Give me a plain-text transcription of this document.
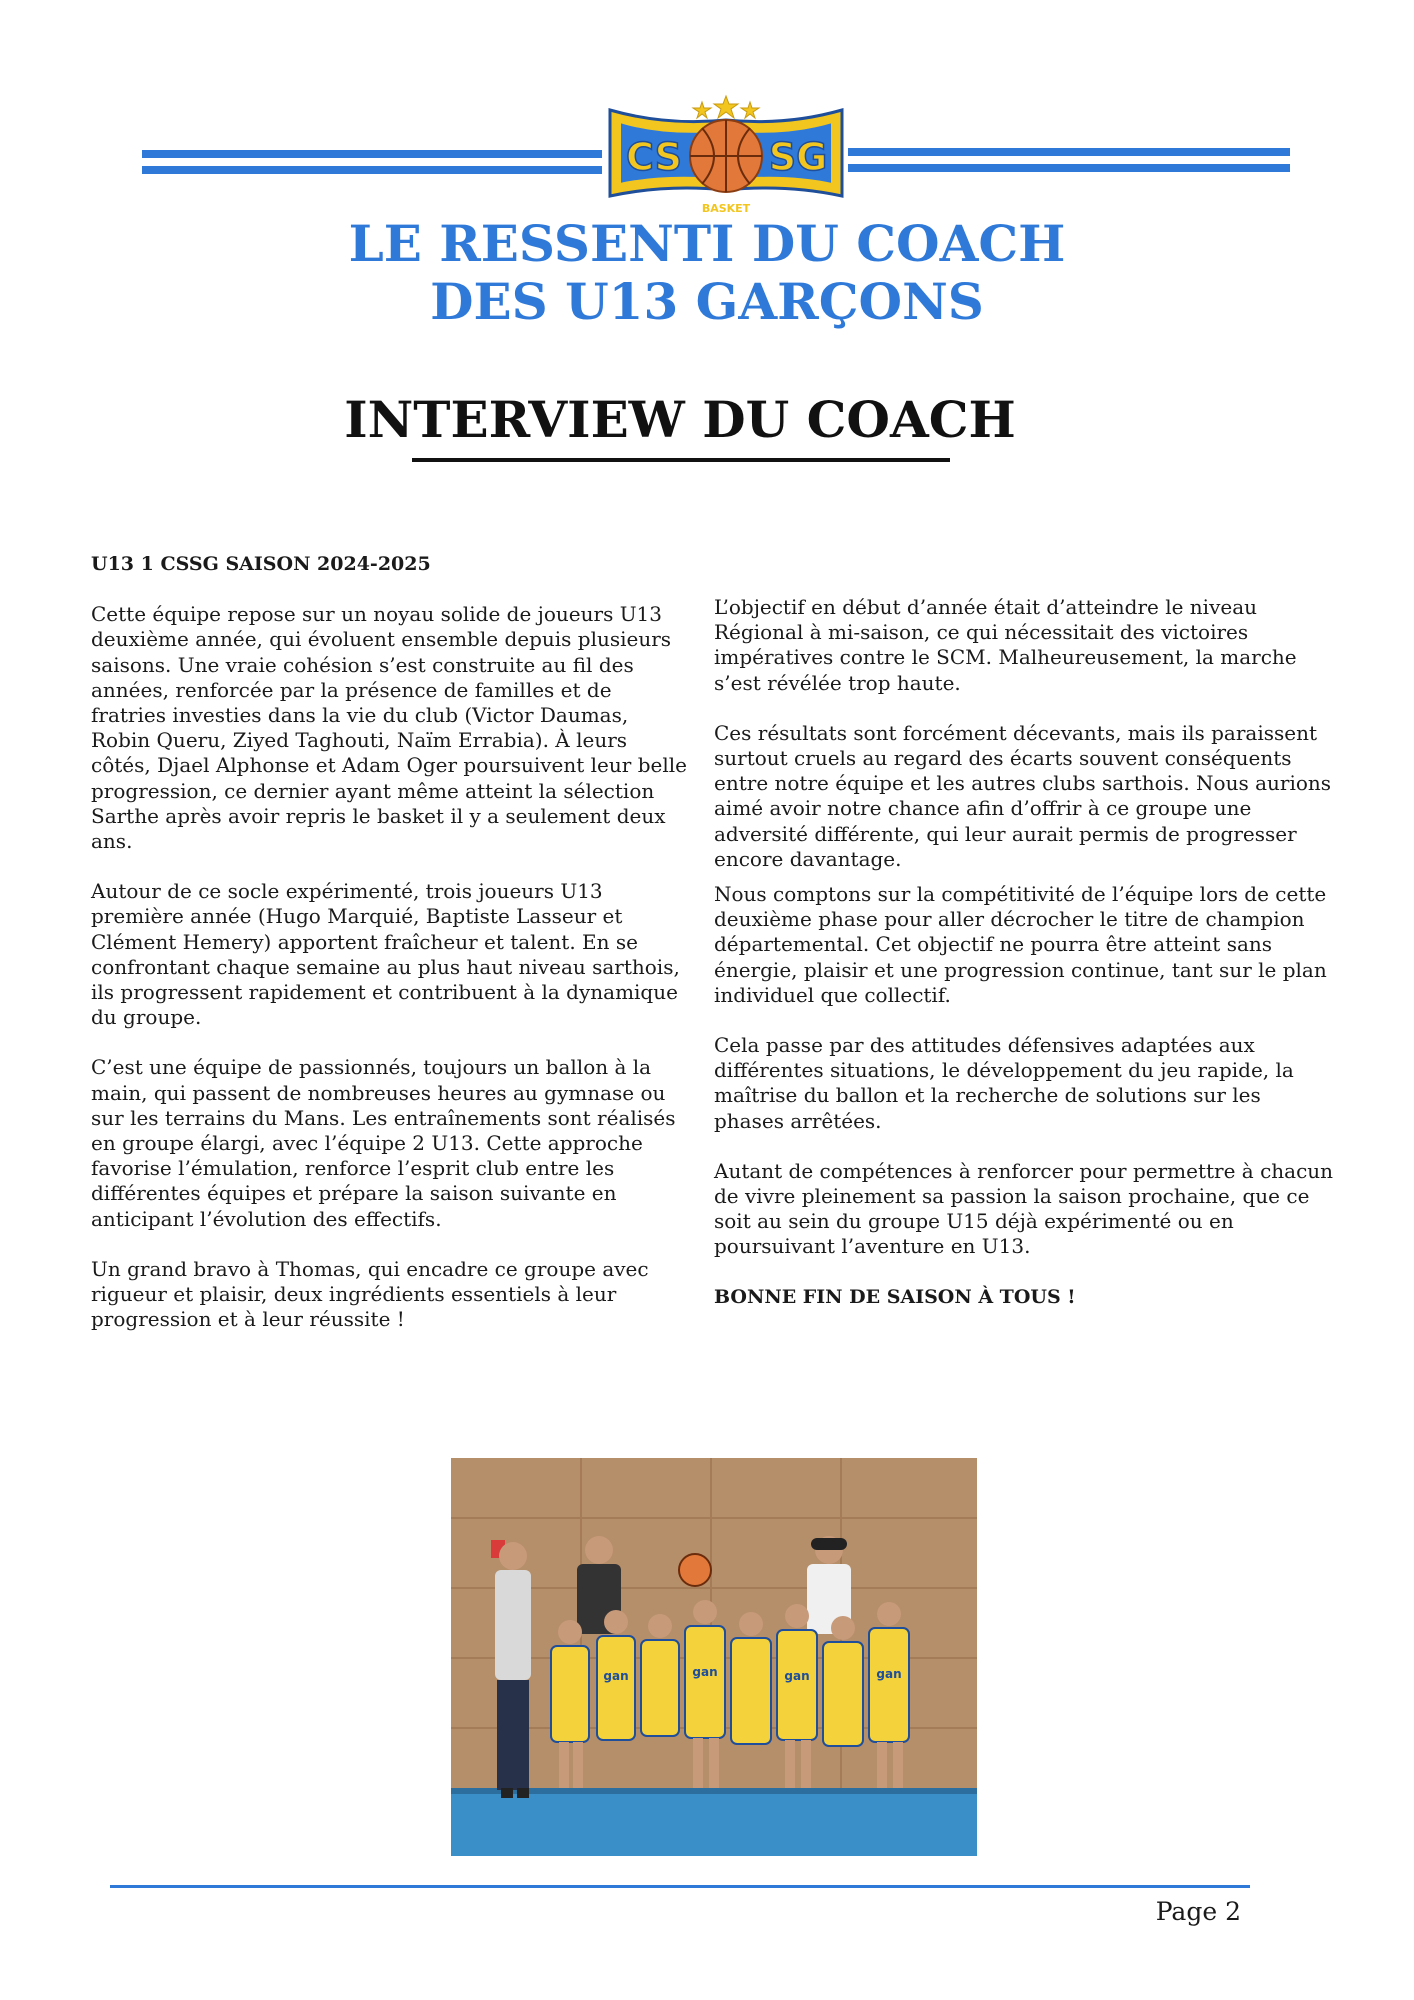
CS SG
BASKET
LE RESSENTI DU COACH
DES U13 GARÇONS
INTERVIEW DU COACH

U13 1 CSSG SAISON 2024-2025

Cette équipe repose sur un noyau solide de joueurs U13 deuxième année, qui évoluent ensemble depuis plusieurs saisons. Une vraie cohésion s’est construite au fil des années, renforcée par la présence de familles et de fratries investies dans la vie du club (Victor Daumas, Robin Queru, Ziyed Taghouti, Naïm Errabia). À leurs côtés, Djael Alphonse et Adam Oger poursuivent leur belle progression, ce dernier ayant même atteint la sélection Sarthe après avoir repris le basket il y a seulement deux ans.

Autour de ce socle expérimenté, trois joueurs U13 première année (Hugo Marquié, Baptiste Lasseur et Clément Hemery) apportent fraîcheur et talent. En se confrontant chaque semaine au plus haut niveau sarthois, ils progressent rapidement et contribuent à la dynamique du groupe.

C’est une équipe de passionnés, toujours un ballon à la main, qui passent de nombreuses heures au gymnase ou sur les terrains du Mans. Les entraînements sont réalisés en groupe élargi, avec l’équipe 2 U13. Cette approche favorise l’émulation, renforce l’esprit club entre les différentes équipes et prépare la saison suivante en anticipant l’évolution des effectifs.

Un grand bravo à Thomas, qui encadre ce groupe avec rigueur et plaisir, deux ingrédients essentiels à leur progression et à leur réussite !

L’objectif en début d’année était d’atteindre le niveau Régional à mi-saison, ce qui nécessitait des victoires impératives contre le SCM. Malheureusement, la marche s’est révélée trop haute.

Ces résultats sont forcément décevants, mais ils paraissent surtout cruels au regard des écarts souvent conséquents entre notre équipe et les autres clubs sarthois. Nous aurions aimé avoir notre chance afin d’offrir à ce groupe une adversité différente, qui leur aurait permis de progresser encore davantage.

Nous comptons sur la compétitivité de l’équipe lors de cette deuxième phase pour aller décrocher le titre de champion départemental. Cet objectif ne pourra être atteint sans énergie, plaisir et une progression continue, tant sur le plan individuel que collectif.

Cela passe par des attitudes défensives adaptées aux différentes situations, le développement du jeu rapide, la maîtrise du ballon et la recherche de solutions sur les phases arrêtées.

Autant de compétences à renforcer pour permettre à chacun de vivre pleinement sa passion la saison prochaine, que ce soit au sein du groupe U15 déjà expérimenté ou en poursuivant l’aventure en U13.

BONNE FIN DE SAISON À TOUS !

gan	gan	gan	gan
Page 2
